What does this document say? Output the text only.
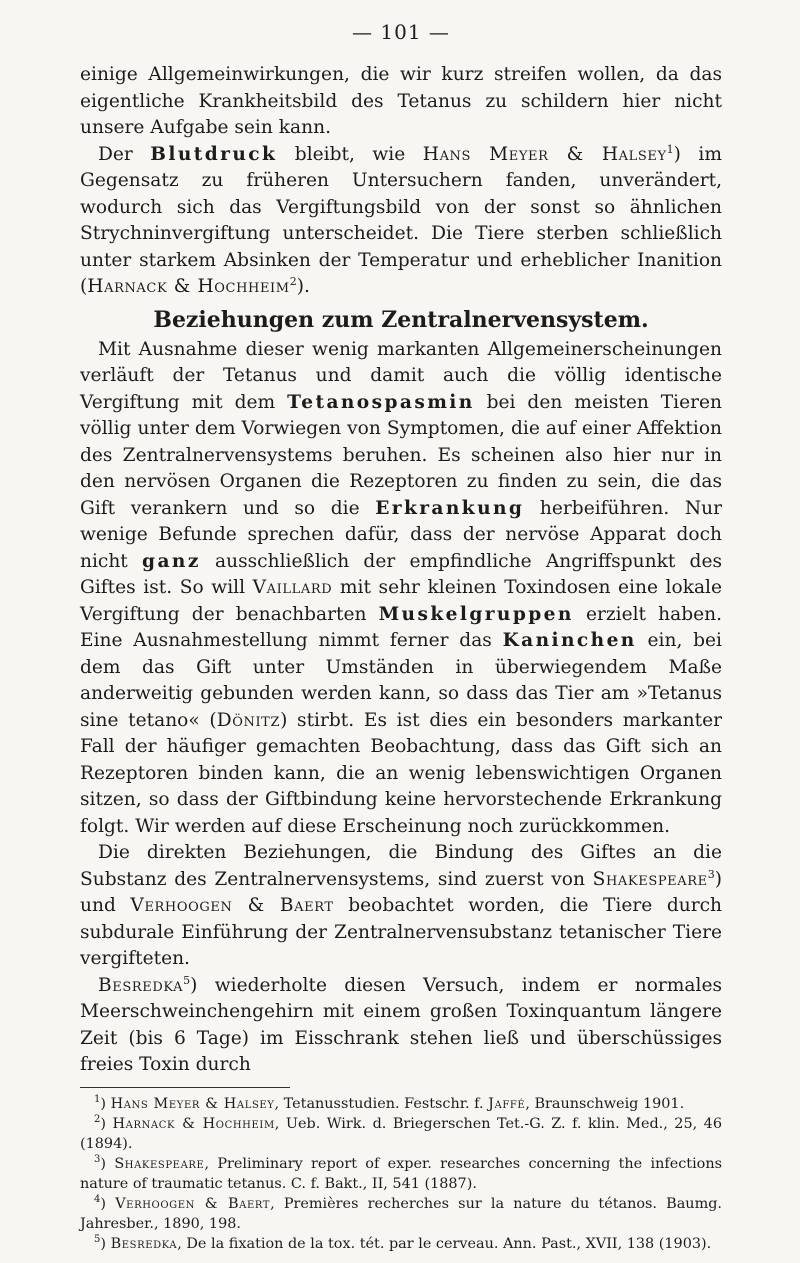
— 101 —

einige Allgemeinwirkungen, die wir kurz streifen wollen, da das eigentliche Krankheitsbild des Tetanus zu schildern hier nicht unsere Aufgabe sein kann.

Der Blutdruck bleibt, wie Hans Meyer & Halsey$^1$) im Gegensatz zu früheren Untersuchern fanden, unverändert, wodurch sich das Vergiftungsbild von der sonst so ähnlichen Strychninvergiftung unterscheidet. Die Tiere sterben schließlich unter starkem Absinken der Temperatur und erheblicher Inanition (Harnack & Hochheim$^2$).

Beziehungen zum Zentralnervensystem.

Mit Ausnahme dieser wenig markanten Allgemeinerscheinungen verläuft der Tetanus und damit auch die völlig identische Vergiftung mit dem Tetanospasmin bei den meisten Tieren völlig unter dem Vorwiegen von Symptomen, die auf einer Affektion des Zentralnervensystems beruhen. Es scheinen also hier nur in den nervösen Organen die Rezeptoren zu finden zu sein, die das Gift verankern und so die Erkrankung herbeiführen. Nur wenige Befunde sprechen dafür, dass der nervöse Apparat doch nicht ganz ausschließlich der empfindliche Angriffspunkt des Giftes ist. So will Vaillard mit sehr kleinen Toxindosen eine lokale Vergiftung der benachbarten Muskelgruppen erzielt haben. Eine Ausnahmestellung nimmt ferner das Kaninchen ein, bei dem das Gift unter Umständen in überwiegendem Maße anderweitig gebunden werden kann, so dass das Tier am »Tetanus sine tetano« (Dönitz) stirbt. Es ist dies ein besonders markanter Fall der häufiger gemachten Beobachtung, dass das Gift sich an Rezeptoren binden kann, die an wenig lebenswichtigen Organen sitzen, so dass der Giftbindung keine hervorstechende Erkrankung folgt. Wir werden auf diese Erscheinung noch zurückkommen.

Die direkten Beziehungen, die Bindung des Giftes an die Substanz des Zentralnervensystems, sind zuerst von Shakespeare$^3$) und Verhoogen & Baert beobachtet worden, die Tiere durch subdurale Einführung der Zentralnervensubstanz tetanischer Tiere vergifteten.

Besredka$^5$) wiederholte diesen Versuch, indem er normales Meerschweinchengehirn mit einem großen Toxinquantum längere Zeit (bis 6 Tage) im Eisschrank stehen ließ und überschüssiges freies Toxin durch

$^1$) Hans Meyer & Halsey, Tetanusstudien. Festschr. f. Jaffé, Braunschweig 1901.

$^2$) Harnack & Hochheim, Ueb. Wirk. d. Briegerschen Tet.-G. Z. f. klin. Med., 25, 46 (1894).

$^3$) Shakespeare, Preliminary report of exper. researches concerning the infections nature of traumatic tetanus. C. f. Bakt., II, 541 (1887).

$^4$) Verhoogen & Baert, Premières recherches sur la nature du tétanos. Baumg. Jahresber., 1890, 198.

$^5$) Besredka, De la fixation de la tox. tét. par le cerveau. Ann. Past., XVII, 138 (1903).
